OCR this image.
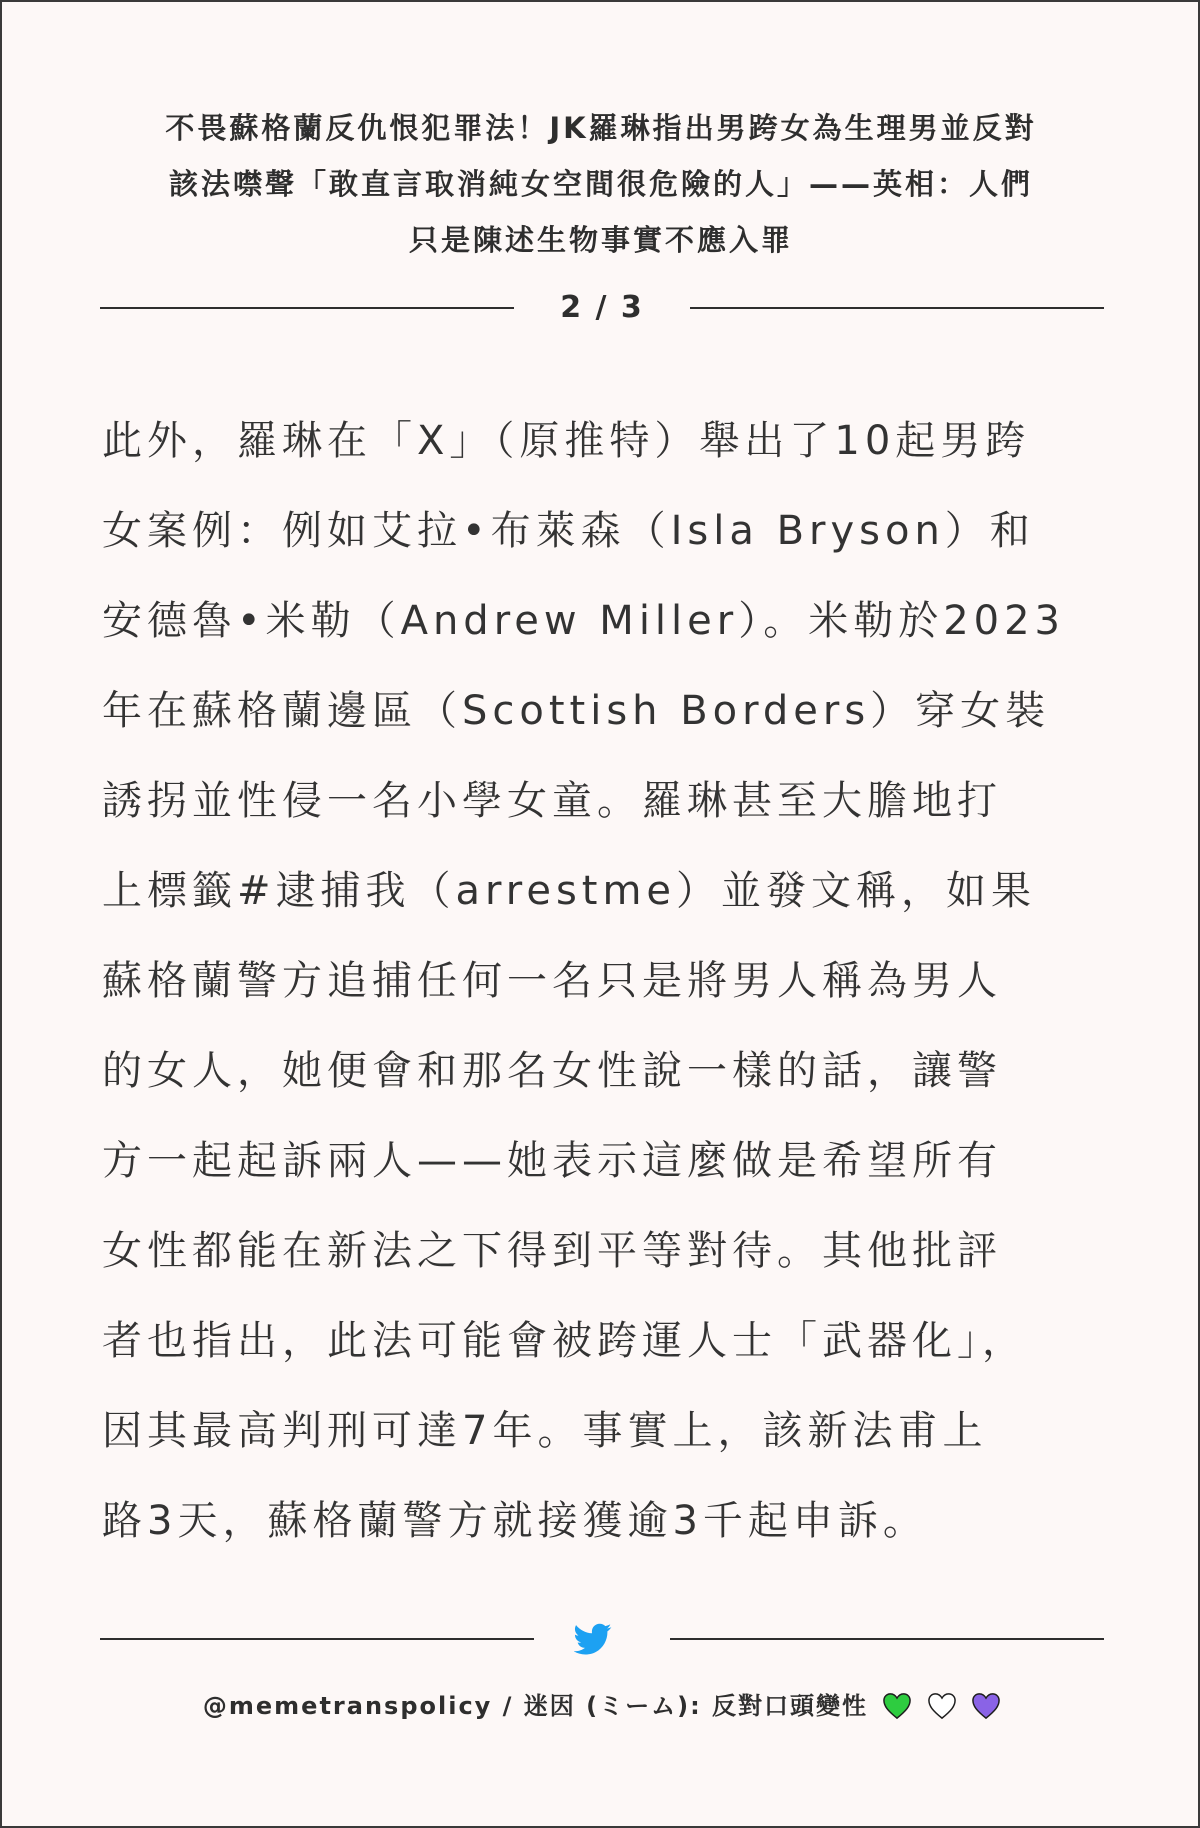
不畏蘇格蘭反仇恨犯罪法！JK羅琳指出男跨女為生理男並反對
該法噤聲「敢直言取消純女空間很危險的人」——英相：人們
只是陳述生物事實不應入罪
2 / 3
此外，羅琳在「X」（原推特）舉出了10起男跨
女案例：例如艾拉•布萊森（Isla Bryson）和
安德魯•米勒（Andrew Miller）。米勒於2023
年在蘇格蘭邊區（Scottish Borders）穿女裝
誘拐並性侵一名小學女童。羅琳甚至大膽地打
上標籤#逮捕我（arrestme）並發文稱，如果
蘇格蘭警方追捕任何一名只是將男人稱為男人
的女人，她便會和那名女性說一樣的話，讓警
方一起起訴兩人——她表示這麼做是希望所有
女性都能在新法之下得到平等對待。其他批評
者也指出，此法可能會被跨運人士「武器化」，
因其最高判刑可達7年。事實上，該新法甫上
路3天，蘇格蘭警方就接獲逾3千起申訴。
@memetranspolicy / 迷因 (ミーム): 反對口頭變性
